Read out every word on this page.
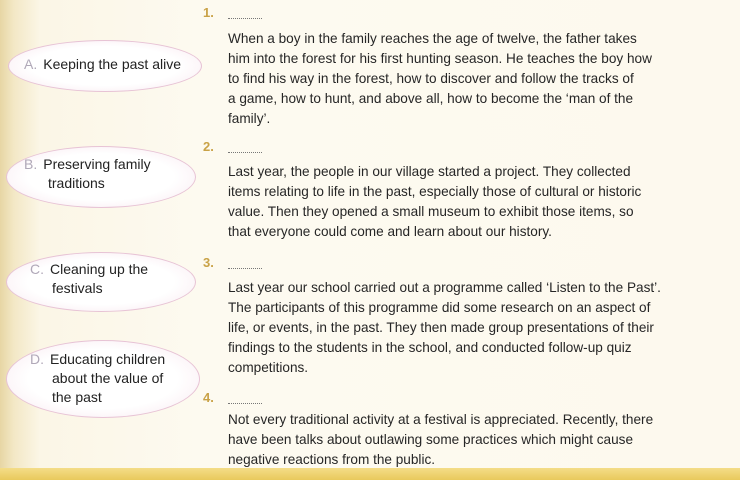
A. Keeping the past alive
B. Preserving family
traditions
C. Cleaning up the
festivals
D. Educating children
about the value of
the past
1.
When a boy in the family reaches the age of twelve, the father takes
him into the forest for his first hunting season. He teaches the boy how
to find his way in the forest, how to discover and follow the tracks of
a game, how to hunt, and above all, how to become the ‘man of the
family’.
2.
Last year, the people in our village started a project. They collected
items relating to life in the past, especially those of cultural or historic
value. Then they opened a small museum to exhibit those items, so
that everyone could come and learn about our history.
3.
Last year our school carried out a programme called ‘Listen to the Past’.
The participants of this programme did some research on an aspect of
life, or events, in the past. They then made group presentations of their
findings to the students in the school, and conducted follow-up quiz
competitions.
4.
Not every traditional activity at a festival is appreciated. Recently, there
have been talks about outlawing some practices which might cause
negative reactions from the public.
